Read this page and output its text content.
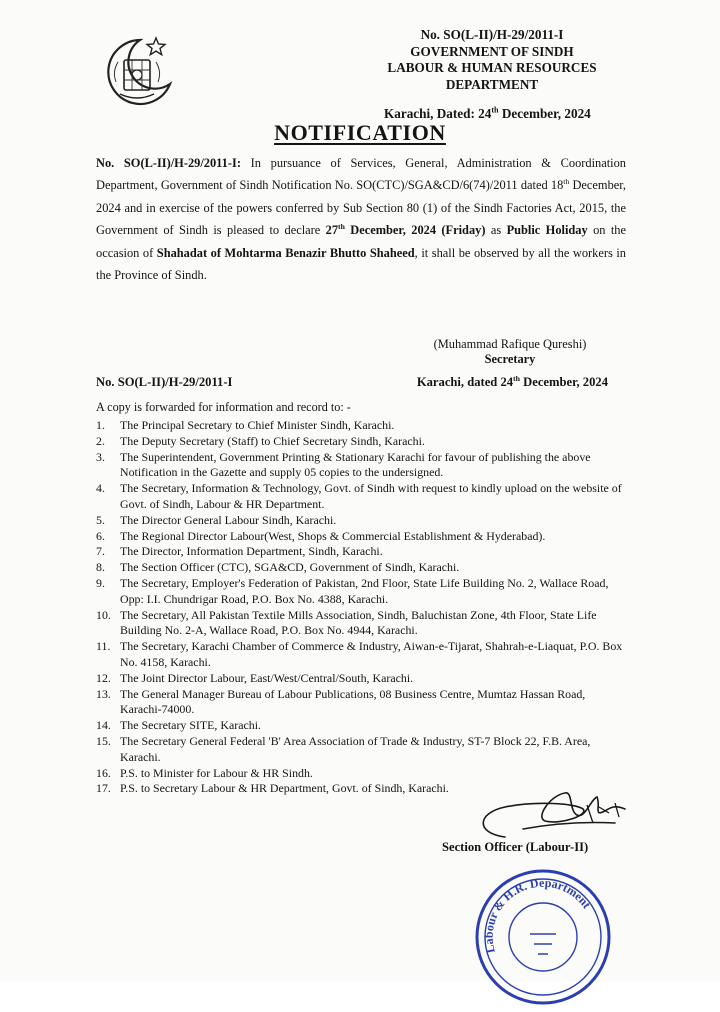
No. SO(L-II)/H-29/2011-I
GOVERNMENT OF SINDH
LABOUR & HUMAN RESOURCES
DEPARTMENT
Karachi, Dated: 24th December, 2024
NOTIFICATION
No. SO(L-II)/H-29/2011-I: In pursuance of Services, General, Administration & Coordination Department, Government of Sindh Notification No. SO(CTC)/SGA&CD/6(74)/2011 dated 18th December, 2024 and in exercise of the powers conferred by Sub Section 80 (1) of the Sindh Factories Act, 2015, the Government of Sindh is pleased to declare 27th December, 2024 (Friday) as Public Holiday on the occasion of Shahadat of Mohtarma Benazir Bhutto Shaheed, it shall be observed by all the workers in the Province of Sindh.
(Muhammad Rafique Qureshi)
Secretary
No. SO(L-II)/H-29/2011-I	Karachi, dated 24th December, 2024
A copy is forwarded for information and record to: -
1.	The Principal Secretary to Chief Minister Sindh, Karachi.
2.	The Deputy Secretary (Staff) to Chief Secretary Sindh, Karachi.
3.	The Superintendent, Government Printing & Stationary Karachi for favour of publishing the above Notification in the Gazette and supply 05 copies to the undersigned.
4.	The Secretary, Information & Technology, Govt. of Sindh with request to kindly upload on the website of Govt. of Sindh, Labour & HR Department.
5.	The Director General Labour Sindh, Karachi.
6.	The Regional Director Labour(West, Shops & Commercial Establishment & Hyderabad).
7.	The Director, Information Department, Sindh, Karachi.
8.	The Section Officer (CTC), SGA&CD, Government of Sindh, Karachi.
9.	The Secretary, Employer's Federation of Pakistan, 2nd Floor, State Life Building No. 2, Wallace Road, Opp: I.I. Chundrigar Road, P.O. Box No. 4388, Karachi.
10. The Secretary, All Pakistan Textile Mills Association, Sindh, Baluchistan Zone, 4th Floor, State Life Building No. 2-A, Wallace Road, P.O. Box No. 4944, Karachi.
11. The Secretary, Karachi Chamber of Commerce & Industry, Aiwan-e-Tijarat, Shahrah-e-Liaquat, P.O. Box No. 4158, Karachi.
12. The Joint Director Labour, East/West/Central/South, Karachi.
13. The General Manager Bureau of Labour Publications, 08 Business Centre, Mumtaz Hassan Road, Karachi-74000.
14. The Secretary SITE, Karachi.
15. The Secretary General Federal 'B' Area Association of Trade & Industry, ST-7 Block 22, F.B. Area, Karachi.
16. P.S. to Minister for Labour & HR Sindh.
17. P.S. to Secretary Labour & HR Department, Govt. of Sindh, Karachi.
Section Officer (Labour-II)
Labour & H.R. Department
